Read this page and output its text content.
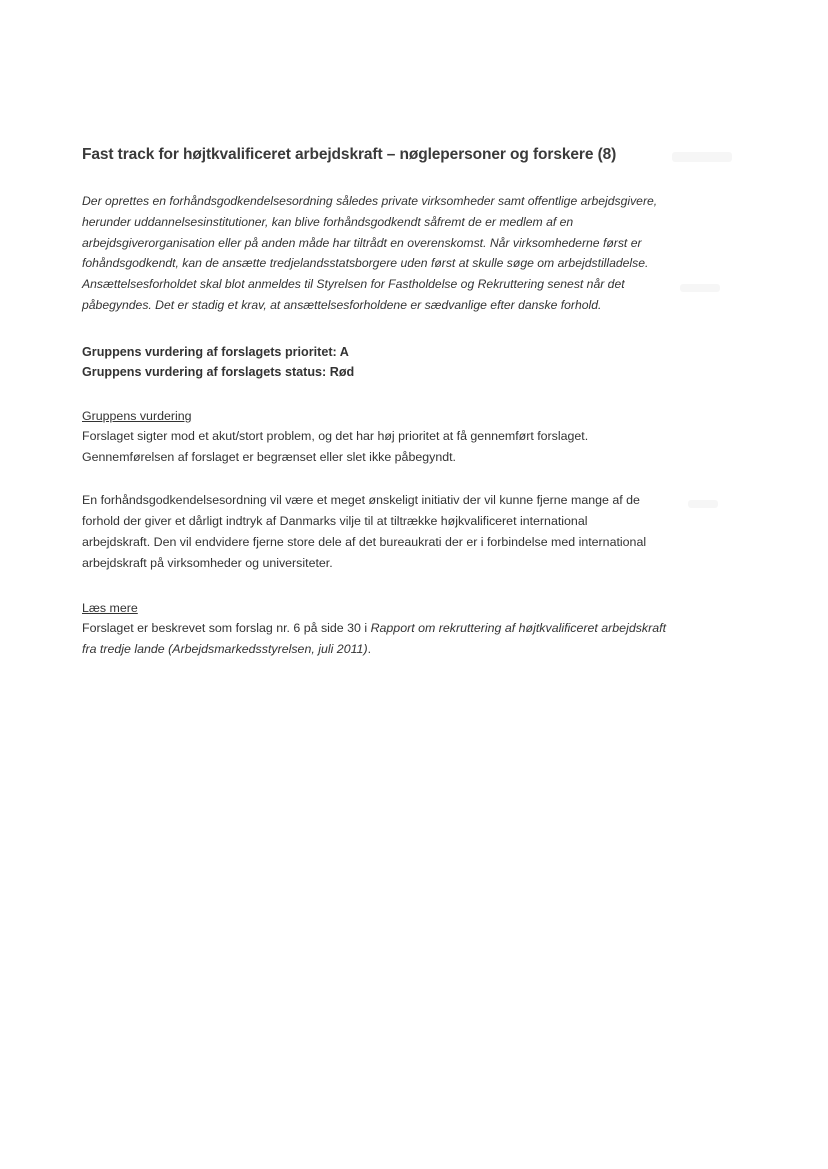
Fast track for højtkvalificeret arbejdskraft – nøglepersoner og forskere (8)
Der oprettes en forhåndsgodkendelsesordning således private virksomheder samt offentlige arbejdsgivere,
herunder uddannelsesinstitutioner, kan blive forhåndsgodkendt såfremt de er medlem af en
arbejdsgiverorganisation eller på anden måde har tiltrådt en overenskomst. Når virksomhederne først er
fohåndsgodkendt, kan de ansætte tredjelandsstatsborgere uden først at skulle søge om arbejdstilladelse.
Ansættelsesforholdet skal blot anmeldes til Styrelsen for Fastholdelse og Rekruttering senest når det
påbegyndes. Det er stadig et krav, at ansættelsesforholdene er sædvanlige efter danske forhold.
Gruppens vurdering af forslagets prioritet: A
Gruppens vurdering af forslagets status: Rød
Gruppens vurdering
Forslaget sigter mod et akut/stort problem, og det har høj prioritet at få gennemført forslaget.
Gennemførelsen af forslaget er begrænset eller slet ikke påbegyndt.
En forhåndsgodkendelsesordning vil være et meget ønskeligt initiativ der vil kunne fjerne mange af de
forhold der giver et dårligt indtryk af Danmarks vilje til at tiltrække højkvalificeret international
arbejdskraft. Den vil endvidere fjerne store dele af det bureaukrati der er i forbindelse med international
arbejdskraft på virksomheder og universiteter.
Læs mere
Forslaget er beskrevet som forslag nr. 6 på side 30 i Rapport om rekruttering af højtkvalificeret arbejdskraft
fra tredje lande (Arbejdsmarkedsstyrelsen, juli 2011).
